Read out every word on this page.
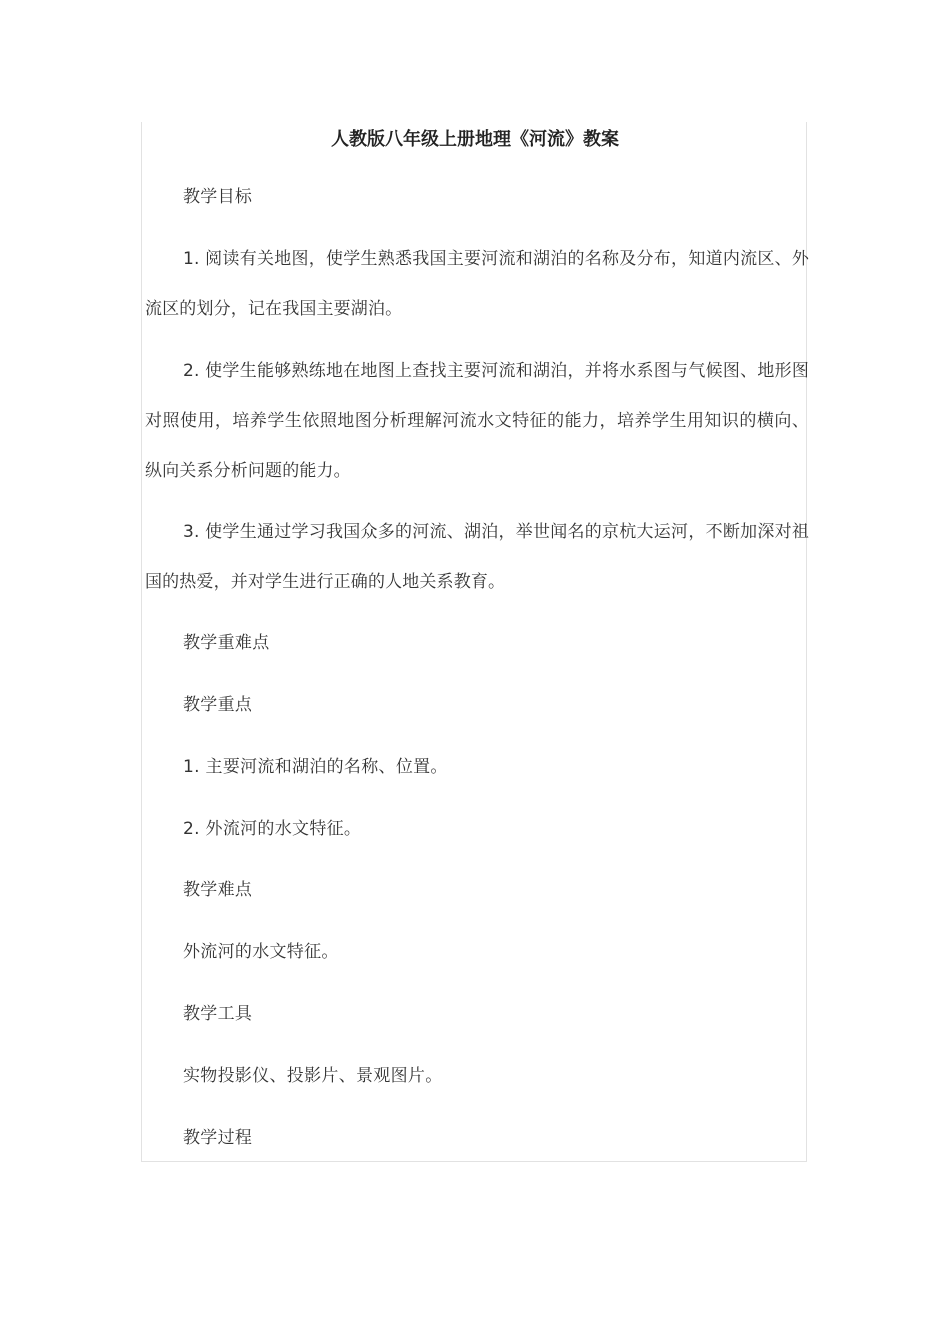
人教版八年级上册地理《河流》教案
教学目标

1. 阅读有关地图，使学生熟悉我国主要河流和湖泊的名称及分布，知道内流区、外流区的划分，记在我国主要湖泊。

2. 使学生能够熟练地在地图上查找主要河流和湖泊，并将水系图与气候图、地形图对照使用，培养学生依照地图分析理解河流水文特征的能力，培养学生用知识的横向、纵向关系分析问题的能力。

3. 使学生通过学习我国众多的河流、湖泊，举世闻名的京杭大运河，不断加深对祖国的热爱，并对学生进行正确的人地关系教育。

教学重难点
教学重点
1. 主要河流和湖泊的名称、位置。
2. 外流河的水文特征。
教学难点
外流河的水文特征。
教学工具
实物投影仪、投影片、景观图片。
教学过程
